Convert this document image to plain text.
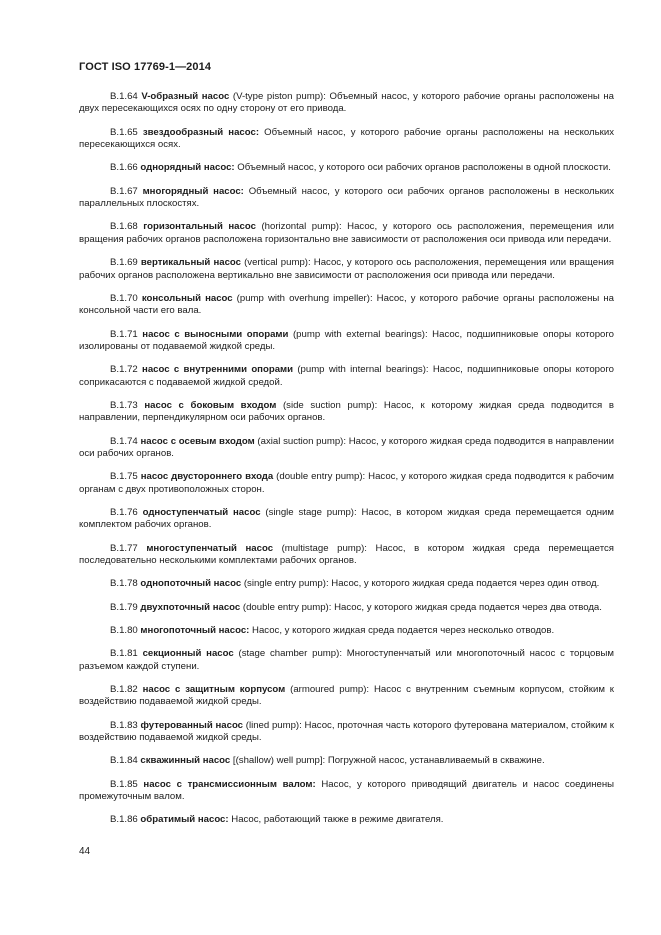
ГОСТ ISO 17769-1—2014

B.1.64 V-образный насос (V-type piston pump): Объемный насос, у которого рабочие органы расположены на двух пересекающихся осях по одну сторону от его привода.

B.1.65 звездообразный насос: Объемный насос, у которого рабочие органы расположены на нескольких пересекающихся осях.

B.1.66 однорядный насос: Объемный насос, у которого оси рабочих органов расположены в одной плоскости.

B.1.67 многорядный насос: Объемный насос, у которого оси рабочих органов расположены в нескольких параллельных плоскостях.

B.1.68 горизонтальный насос (horizontal pump): Насос, у которого ось расположения, перемещения или вращения рабочих органов расположена горизонтально вне зависимости от расположения оси привода или передачи.

B.1.69 вертикальный насос (vertical pump): Насос, у которого ось расположения, перемещения или вращения рабочих органов расположена вертикально вне зависимости от расположения оси привода или передачи.

B.1.70 консольный насос (pump with overhung impeller): Насос, у которого рабочие органы расположены на консольной части его вала.

B.1.71 насос с выносными опорами (pump with external bearings): Насос, подшипниковые опоры которого изолированы от подаваемой жидкой среды.

B.1.72 насос с внутренними опорами (pump with internal bearings): Насос, подшипниковые опоры которого соприкасаются с подаваемой жидкой средой.

B.1.73 насос с боковым входом (side suction pump): Насос, к которому жидкая среда подводится в направлении, перпендикулярном оси рабочих органов.

B.1.74 насос с осевым входом (axial suction pump): Насос, у которого жидкая среда подводится в направлении оси рабочих органов.

B.1.75 насос двустороннего входа (double entry pump): Насос, у которого жидкая среда подводится к рабочим органам с двух противоположных сторон.

B.1.76 одноступенчатый насос (single stage pump): Насос, в котором жидкая среда перемещается одним комплектом рабочих органов.

B.1.77 многоступенчатый насос (multistage pump): Насос, в котором жидкая среда перемещается последовательно несколькими комплектами рабочих органов.

B.1.78 однопоточный насос (single entry pump): Насос, у которого жидкая среда подается через один отвод.

B.1.79 двухпоточный насос (double entry pump): Насос, у которого жидкая среда подается через два отвода.

B.1.80 многопоточный насос: Насос, у которого жидкая среда подается через несколько отводов.

B.1.81 секционный насос (stage chamber pump): Многоступенчатый или многопоточный насос с торцовым разъемом каждой ступени.

B.1.82 насос с защитным корпусом (armoured pump): Насос с внутренним съемным корпусом, стойким к воздействию подаваемой жидкой среды.

B.1.83 футерованный насос (lined pump): Насос, проточная часть которого футерована материалом, стойким к воздействию подаваемой жидкой среды.

B.1.84 скважинный насос [(shallow) well pump]: Погружной насос, устанавливаемый в скважине.

B.1.85 насос с трансмиссионным валом: Насос, у которого приводящий двигатель и насос соединены промежуточным валом.

B.1.86 обратимый насос: Насос, работающий также в режиме двигателя.

44
